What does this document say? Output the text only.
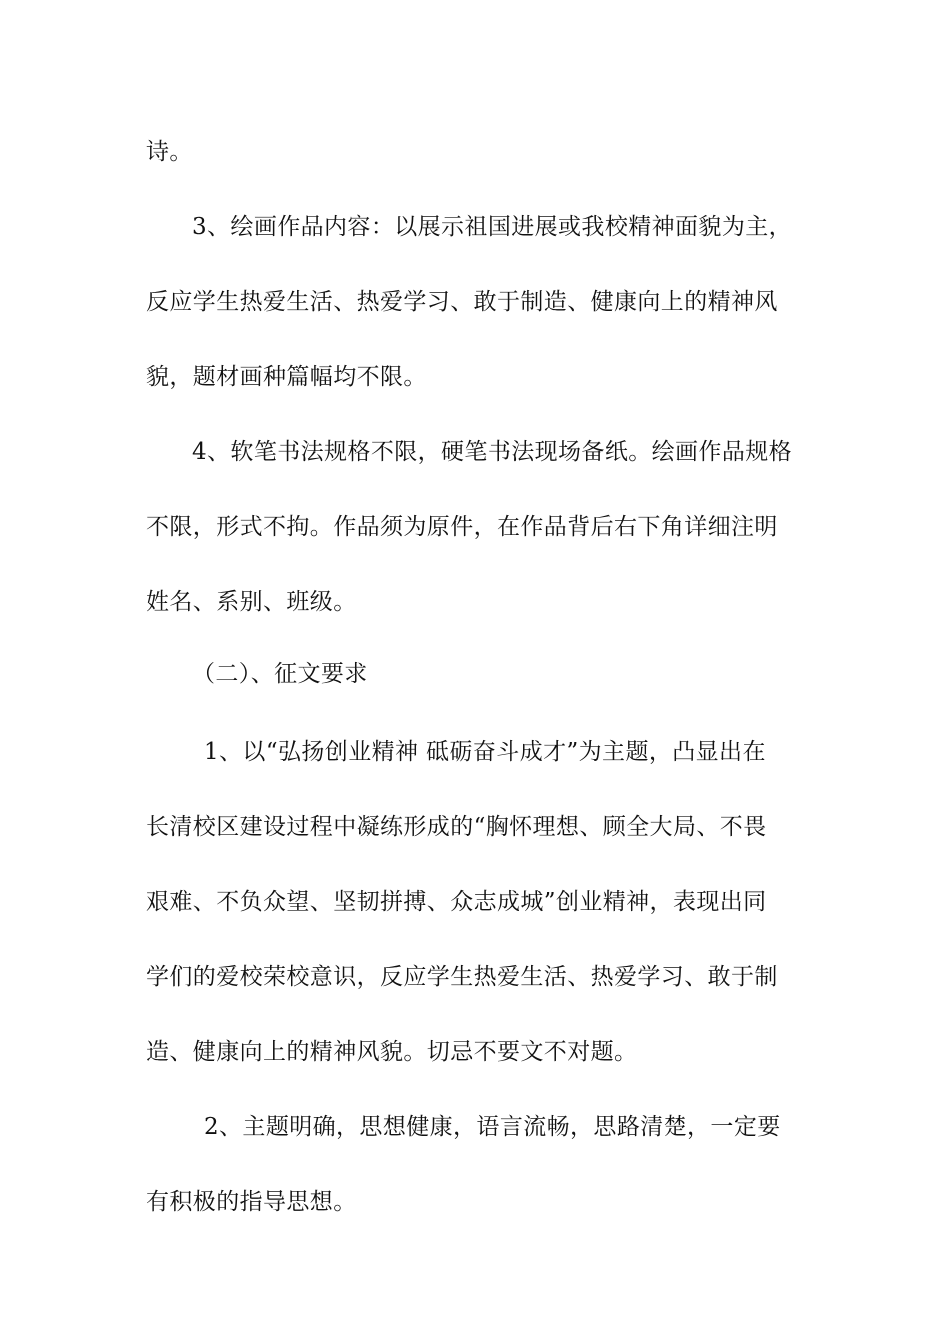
诗。
3、绘画作品内容：以展示祖国进展或我校精神面貌为主，
反应学生热爱生活、热爱学习、敢于制造、健康向上的精神风
貌，题材画种篇幅均不限。
4、软笔书法规格不限，硬笔书法现场备纸。绘画作品规格
不限，形式不拘。作品须为原件，在作品背后右下角详细注明
姓名、系别、班级。
（二）、征文要求
1、以“弘扬创业精神 砥砺奋斗成才”为主题，凸显出在
长清校区建设过程中凝练形成的“胸怀理想、顾全大局、不畏
艰难、不负众望、坚韧拼搏、众志成城”创业精神，表现出同
学们的爱校荣校意识，反应学生热爱生活、热爱学习、敢于制
造、健康向上的精神风貌。切忌不要文不对题。
2、主题明确，思想健康，语言流畅，思路清楚，一定要
有积极的指导思想。
